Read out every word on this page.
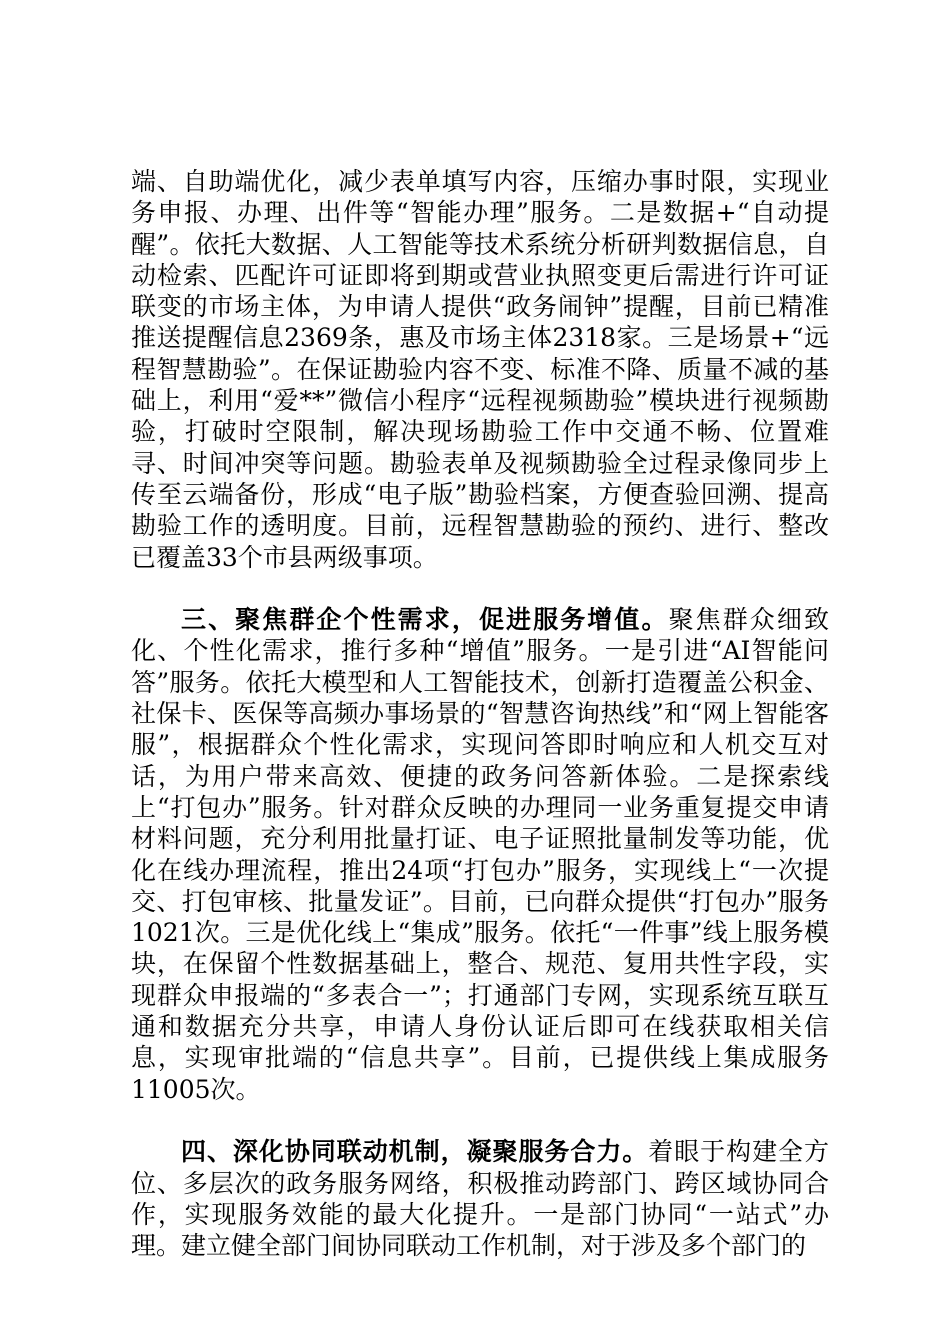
端、自助端优化，减少表单填写内容，压缩办事时限，实现业务申报、办理、出件等“智能办理”服务。二是数据+“自动提醒”。依托大数据、人工智能等技术系统分析研判数据信息，自动检索、匹配许可证即将到期或营业执照变更后需进行许可证联变的市场主体，为申请人提供“政务闹钟”提醒，目前已精准推送提醒信息2369条，惠及市场主体2318家。三是场景+“远程智慧勘验”。在保证勘验内容不变、标准不降、质量不减的基础上，利用“爱**”微信小程序“远程视频勘验”模块进行视频勘验，打破时空限制，解决现场勘验工作中交通不畅、位置难寻、时间冲突等问题。勘验表单及视频勘验全过程录像同步上传至云端备份，形成“电子版”勘验档案，方便查验回溯、提高勘验工作的透明度。目前，远程智慧勘验的预约、进行、整改已覆盖33个市县两级事项。

三、聚焦群企个性需求，促进服务增值。聚焦群众细致化、个性化需求，推行多种“增值”服务。一是引进“AI智能问答”服务。依托大模型和人工智能技术，创新打造覆盖公积金、社保卡、医保等高频办事场景的“智慧咨询热线”和“网上智能客服”，根据群众个性化需求，实现问答即时响应和人机交互对话，为用户带来高效、便捷的政务问答新体验。二是探索线上“打包办”服务。针对群众反映的办理同一业务重复提交申请材料问题，充分利用批量打证、电子证照批量制发等功能，优化在线办理流程，推出24项“打包办”服务，实现线上“一次提交、打包审核、批量发证”。目前，已向群众提供“打包办”服务1021次。三是优化线上“集成”服务。依托“一件事”线上服务模块，在保留个性数据基础上，整合、规范、复用共性字段，实现群众申报端的“多表合一”；打通部门专网，实现系统互联互通和数据充分共享，申请人身份认证后即可在线获取相关信息，实现审批端的“信息共享”。目前，已提供线上集成服务11005次。

四、深化协同联动机制，凝聚服务合力。着眼于构建全方位、多层次的政务服务网络，积极推动跨部门、跨区域协同合作，实现服务效能的最大化提升。一是部门协同“一站式”办理。建立健全部门间协同联动工作机制，对于涉及多个部门的
